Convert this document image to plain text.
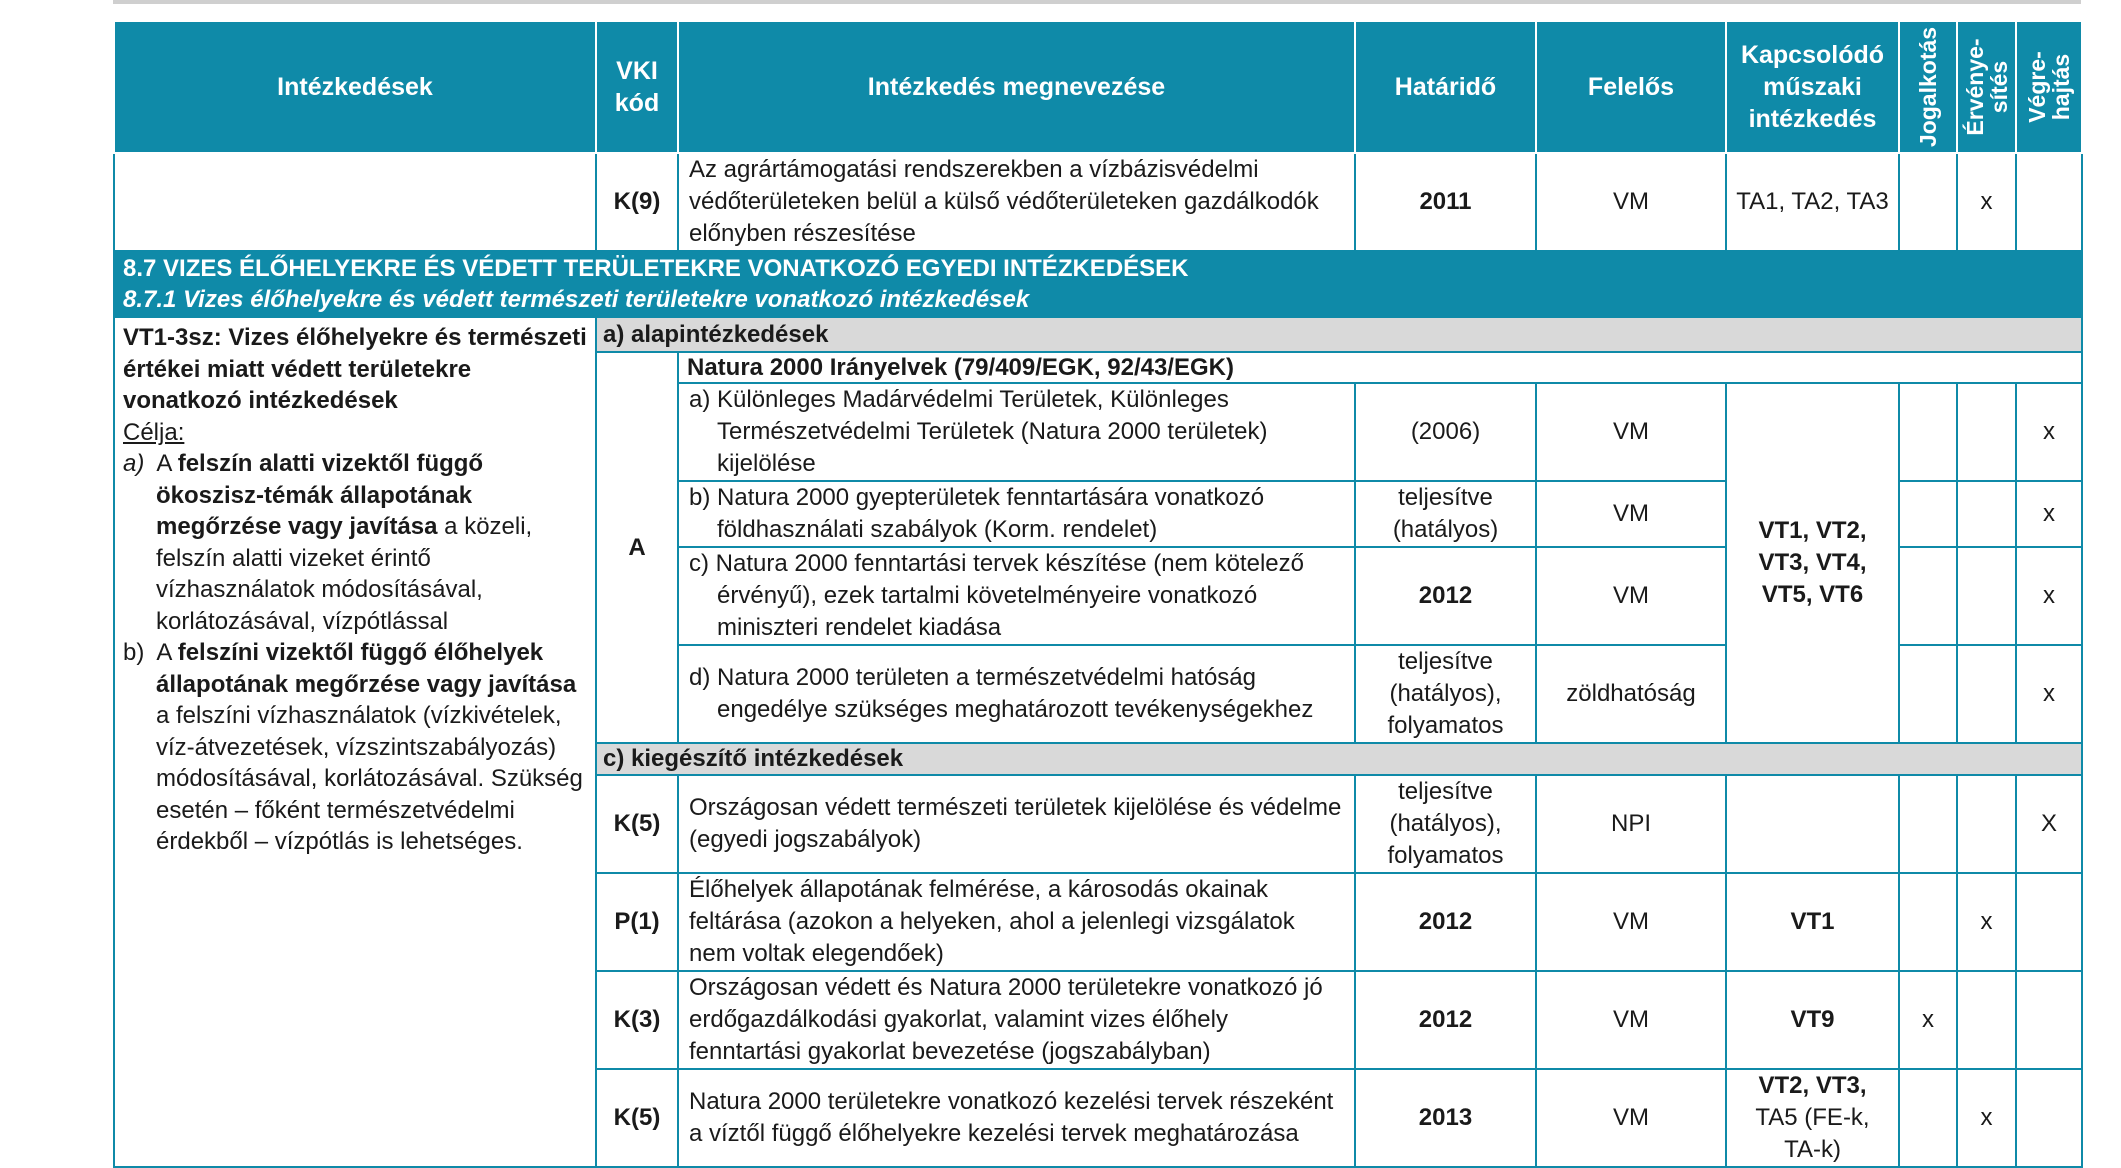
Intézkedések	VKI kód	Intézkedés megnevezése	Határidő	Felelős	Kapcsolódó műszaki intézkedés	Jogalkotás	Érvénye-sítés	Végre-hajtás

	K(9)	Az agrártámogatási rendszerekben a vízbázisvédelmi védőterületeken belül a külső védőterületeken gazdálkodók előnyben részesítése	2011	VM	TA1, TA2, TA3		x	

8.7 VIZES ÉLŐHELYEKRE ÉS VÉDETT TERÜLETEKRE VONATKOZÓ EGYEDI INTÉZKEDÉSEK
8.7.1 Vizes élőhelyekre és védett természeti területekre vonatkozó intézkedések								

VT1-3sz: Vizes élőhelyekre és természeti értékei miatt védett területekre vonatkozó intézkedések
Célja:
a) A felszín alatti vizektől függő ökoszisz-témák állapotának megőrzése vagy javítása a közeli, felszín alatti vizeket érintő vízhasználatok módosításával, korlátozásával, vízpótlással
b) A felszíni vizektől függő élőhelyek állapotának megőrzése vagy javítása a felszíni vízhasználatok (vízkivételek, víz-átvezetések, vízszintszabályozás) módosításával, korlátozásával. Szükség esetén – főként természetvédelmi érdekből – vízpótlás is lehetséges.	a) alapintézkedések							
	A	Natura 2000 Irányelvek (79/409/EGK, 92/43/EGK)						

		a) Különleges Madárvédelmi Területek, Különleges Természetvédelmi Területek (Natura 2000 területek) kijelölése	(2006)	VM	VT1, VT2, VT3, VT4, VT5, VT6			x

		b) Natura 2000 gyepterületek fenntartására vonatkozó földhasználati szabályok (Korm. rendelet)	teljesítve (hatályos)	VM				x

		c) Natura 2000 fenntartási tervek készítése (nem kötelező érvényű), ezek tartalmi követelményeire vonatkozó miniszteri rendelet kiadása	2012	VM				x

		d) Natura 2000 területen a természetvédelmi hatóság engedélye szükséges meghatározott tevékenységekhez	teljesítve (hatályos), folyamatos	zöldhatóság				x
	c) kiegészítő intézkedések							
	K(5)	Országosan védett természeti területek kijelölése és védelme (egyedi jogszabályok)	teljesítve (hatályos), folyamatos	NPI				X
	P(1)	Élőhelyek állapotának felmérése, a károsodás okainak feltárása (azokon a helyeken, ahol a jelenlegi vizsgálatok nem voltak elegendőek)	2012	VM	VT1		x	
	K(3)	Országosan védett és Natura 2000 területekre vonatkozó jó erdőgazdálkodási gyakorlat, valamint vizes élőhely fenntartási gyakorlat bevezetése (jogszabályban)	2012	VM	VT9	x		
	K(5)	Natura 2000 területekre vonatkozó kezelési tervek részeként a víztől függő élőhelyekre kezelési tervek meghatározása	2013	VM	VT2, VT3, TA5 (FE-k, TA-k)		x	
